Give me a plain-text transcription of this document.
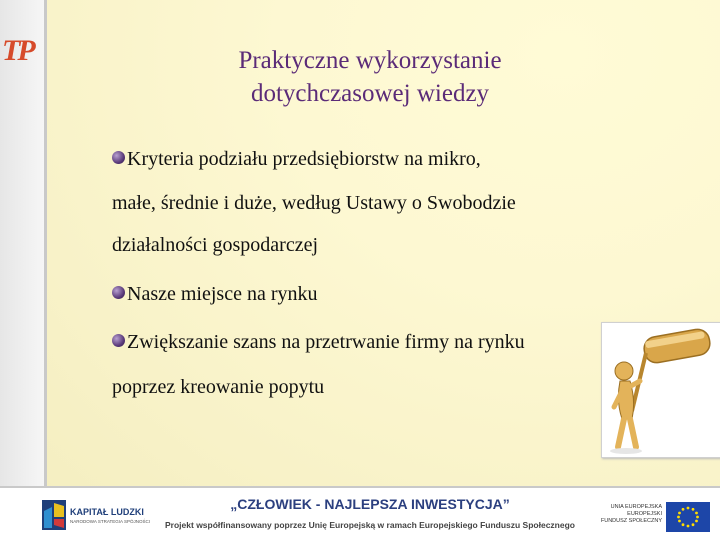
TP	Praktyczne wykorzystanie
dotychczasowej wiedzy
Kryteria podziału przedsiębiorstw na mikro,
małe, średnie i duże, według Ustawy o Swobodzie
działalności gospodarczej
Nasze miejsce na rynku
Zwiększanie szans na przetrwanie firmy na rynku
poprzez kreowanie popytu
KAPITAŁ LUDZKI
NARODOWA STRATEGIA SPÓJNOŚCI
„CZŁOWIEK - NAJLEPSZA INWESTYCJA”
Projekt współfinansowany poprzez Unię Europejską w ramach Europejskiego Funduszu Społecznego
UNIA EUROPEJSKA
EUROPEJSKI
FUNDUSZ SPOŁECZNY
